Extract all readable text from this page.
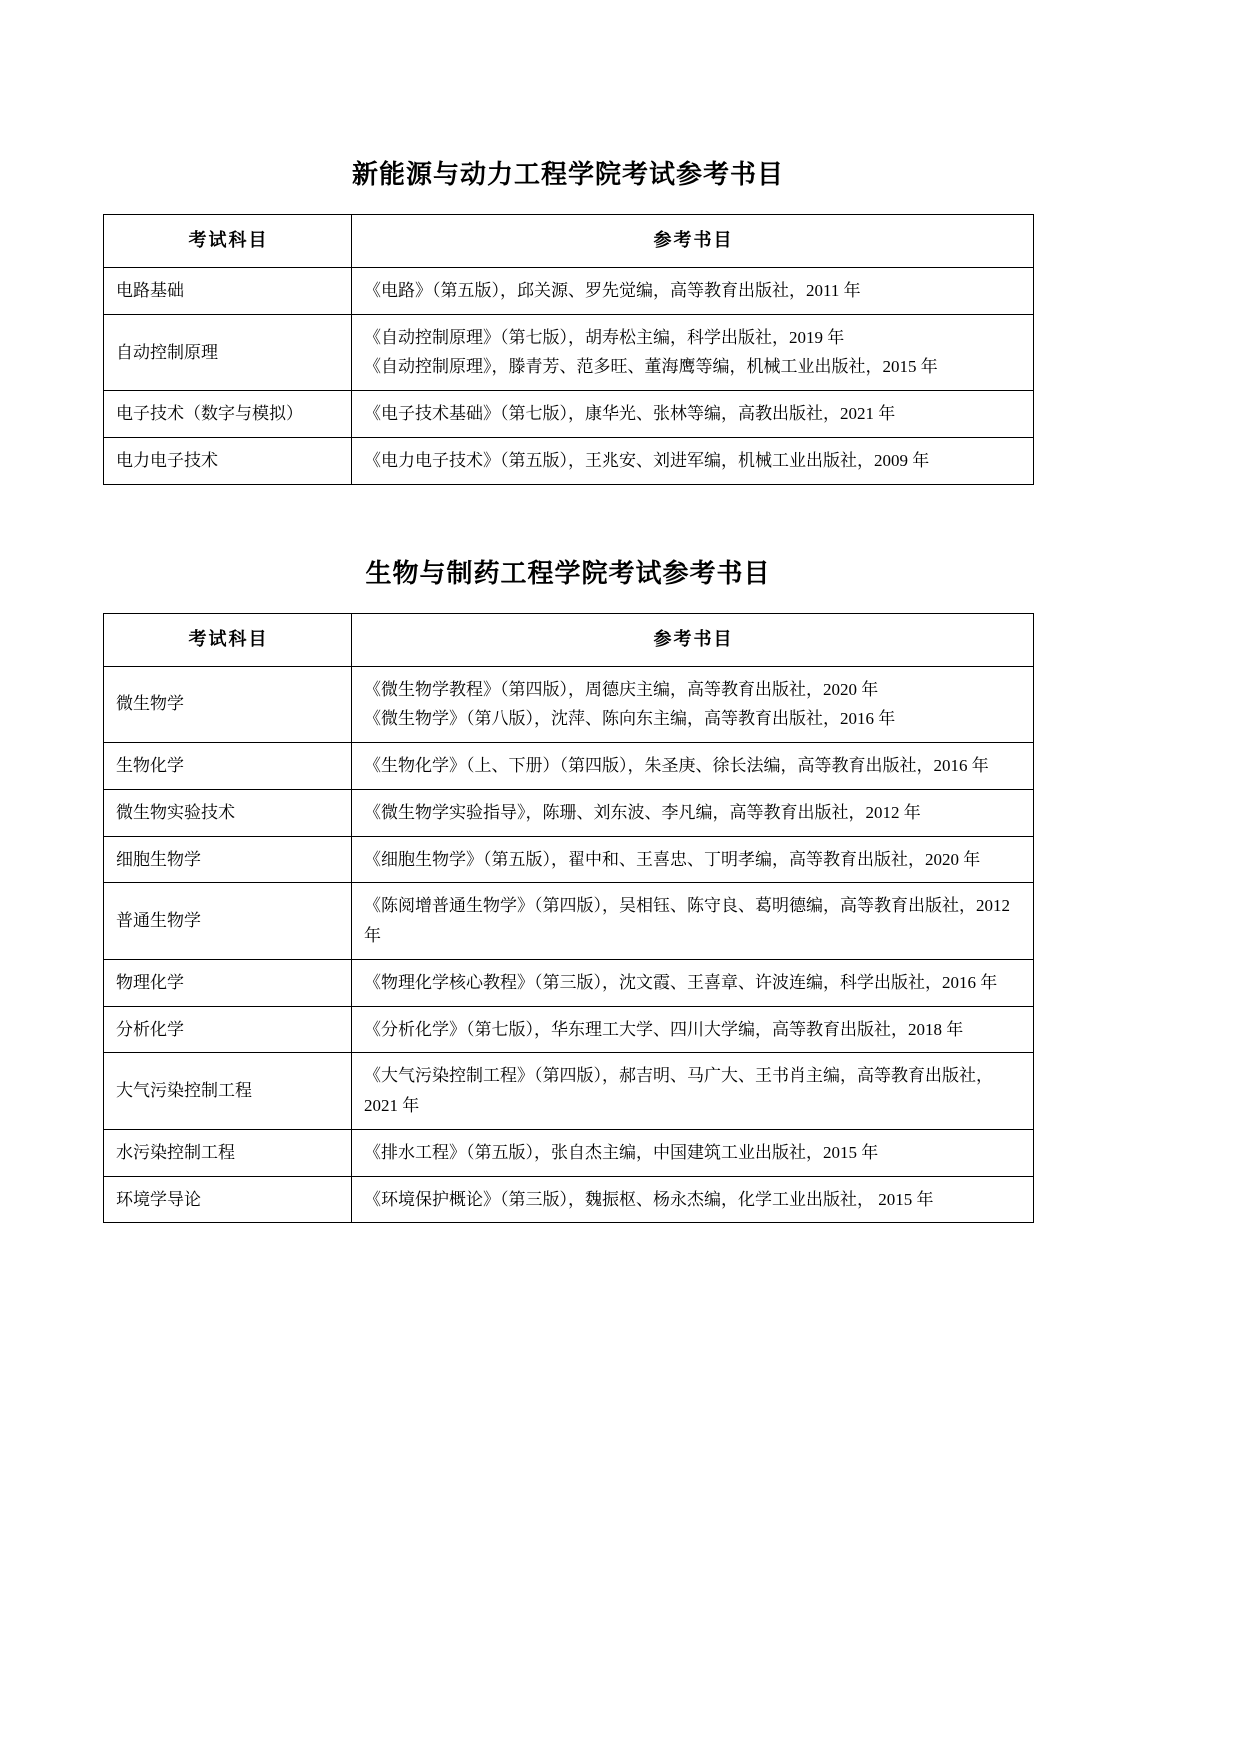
新能源与动力工程学院考试参考书目
考试科目	参考书目
电路基础	《电路》（第五版），邱关源、罗先觉编，高等教育出版社，2011 年

自动控制原理	《自动控制原理》（第七版），胡寿松主编，科学出版社，2019 年
《自动控制原理》，滕青芳、范多旺、董海鹰等编，机械工业出版社，2015 年

电子技术（数字与模拟）	《电子技术基础》（第七版），康华光、张林等编，高教出版社，2021 年

电力电子技术	《电力电子技术》（第五版），王兆安、刘进军编，机械工业出版社，2009 年
生物与制药工程学院考试参考书目
考试科目	参考书目
微生物学	《微生物学教程》（第四版），周德庆主编，高等教育出版社，2020 年
《微生物学》（第八版），沈萍、陈向东主编，高等教育出版社，2016 年

生物化学	《生物化学》（上、下册）（第四版），朱圣庚、徐长法编，高等教育出版社，2016 年

微生物实验技术	《微生物学实验指导》，陈珊、刘东波、李凡编，高等教育出版社，2012 年

细胞生物学	《细胞生物学》（第五版），翟中和、王喜忠、丁明孝编，高等教育出版社，2020 年

普通生物学	《陈阅增普通生物学》（第四版），吴相钰、陈守良、葛明德编，高等教育出版社，2012 年

物理化学	《物理化学核心教程》（第三版），沈文霞、王喜章、许波连编，科学出版社，2016 年

分析化学	《分析化学》（第七版），华东理工大学、四川大学编，高等教育出版社，2018 年

大气污染控制工程	《大气污染控制工程》（第四版），郝吉明、马广大、王书肖主编，高等教育出版社，2021 年

水污染控制工程	《排水工程》（第五版），张自杰主编，中国建筑工业出版社，2015 年

环境学导论	《环境保护概论》（第三版），魏振枢、杨永杰编，化学工业出版社， 2015 年
